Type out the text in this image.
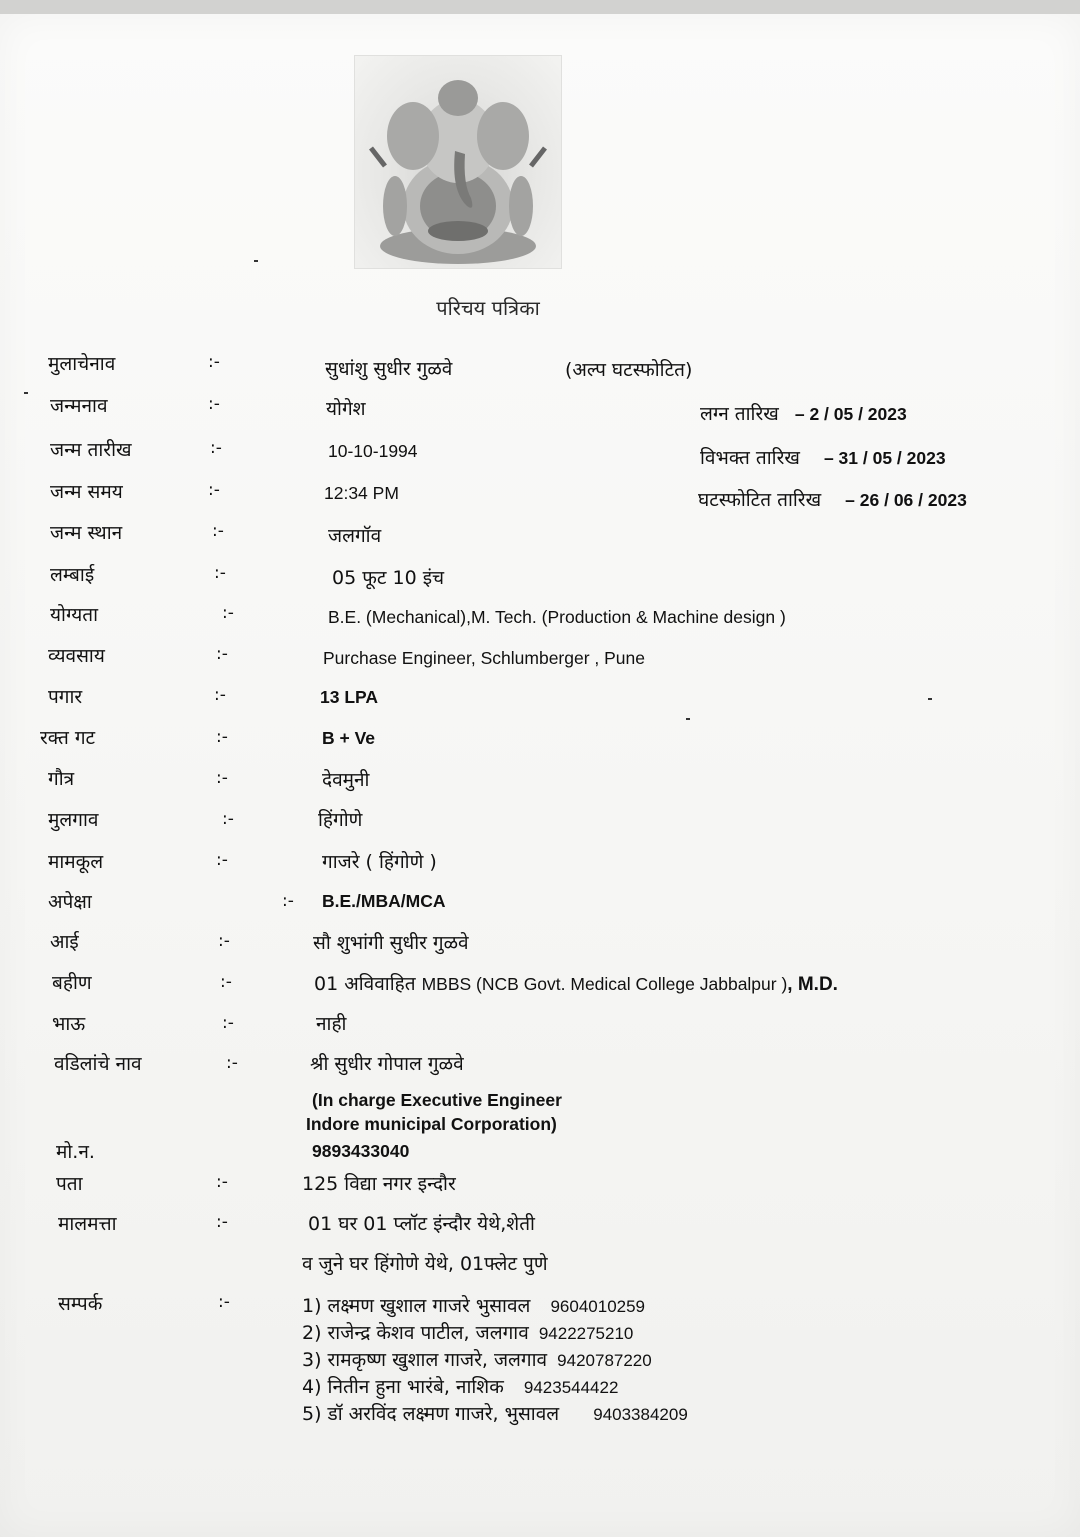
परिचय पत्रिका
लग्न तारिख – 2 / 05 / 2023
विभक्त तारिख – 31 / 05 / 2023
घटस्फोटित तारिख – 26 / 06 / 2023
मुलाचेनाव	:-	सुधांशु सुधीर गुळवे	(अल्प घटस्फोटित)
जन्मनाव	:-	योगेश
जन्म तारीख	:-	10-10-1994
जन्म समय	:-	12:34 PM
जन्म स्थान	:-	जलगॉव
लम्बाई	:-	05 फूट 10 इंच
योग्यता	:-	B.E. (Mechanical),M. Tech. (Production & Machine design )
व्यवसाय	:-	Purchase Engineer, Schlumberger , Pune
पगार	:-	13 LPA
रक्त गट	:-	B + Ve
गौत्र	:-	देवमुनी
मुलगाव	:-	हिंगोणे
मामकूल	:-	गाजरे ( हिंगोणे )
अपेक्षा	:- B.E./MBA/MCA
आई	:-	सौ शुभांगी सुधीर गुळवे
बहीण	:-	01 अविवाहित MBBS (NCB Govt. Medical College Jabbalpur ), M.D.
भाऊ	:-	नाही
वडिलांचे नाव	:-	श्री सुधीर गोपाल गुळवे
(In charge Executive Engineer
Indore municipal Corporation)
मो.न.	9893433040
पता	:-	125 विद्या नगर इन्दौर
मालमत्ता	:-	01 घर 01 प्लॉट इंन्दौर येथे,शेती
व जुने घर हिंगोणे येथे, 01फ्लेट पुणे
सम्पर्क	:-	1) लक्ष्मण खुशाल गाजरे भुसावल 9604010259
2) राजेन्द्र केशव पाटील, जलगाव 9422275210
3) रामकृष्ण खुशाल गाजरे, जलगाव 9420787220
4) नितीन हुना भारंबे, नाशिक 9423544422
5) डॉ अरविंद लक्ष्मण गाजरे, भुसावल 9403384209
